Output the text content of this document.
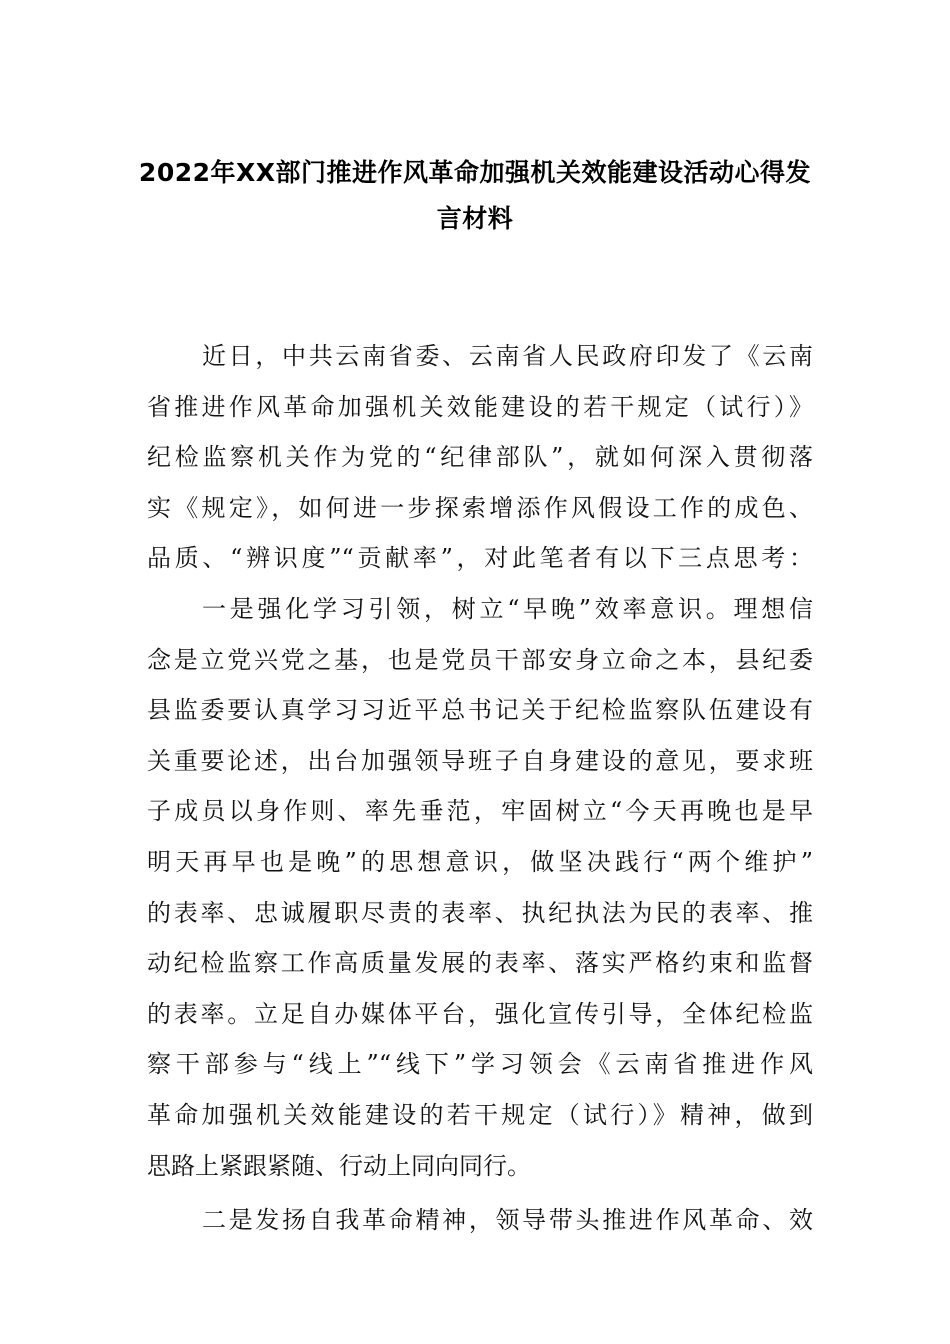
2022年XX部门推进作风革命加强机关效能建设活动心得发
言材料
近日，中共云南省委、云南省人民政府印发了《云南
省推进作风革命加强机关效能建设的若干规定（试行）》
纪检监察机关作为党的“纪律部队”，就如何深入贯彻落
实《规定》，如何进一步探索增添作风假设工作的成色、
品质、“辨识度”“贡献率”，对此笔者有以下三点思考：
一是强化学习引领，树立“早晚”效率意识。理想信
念是立党兴党之基，也是党员干部安身立命之本，县纪委
县监委要认真学习习近平总书记关于纪检监察队伍建设有
关重要论述，出台加强领导班子自身建设的意见，要求班
子成员以身作则、率先垂范，牢固树立“今天再晚也是早
明天再早也是晚”的思想意识，做坚决践行“两个维护”
的表率、忠诚履职尽责的表率、执纪执法为民的表率、推
动纪检监察工作高质量发展的表率、落实严格约束和监督
的表率。立足自办媒体平台，强化宣传引导，全体纪检监
察干部参与“线上”“线下”学习领会《云南省推进作风
革命加强机关效能建设的若干规定（试行）》精神，做到
思路上紧跟紧随、行动上同向同行。
二是发扬自我革命精神，领导带头推进作风革命、效
